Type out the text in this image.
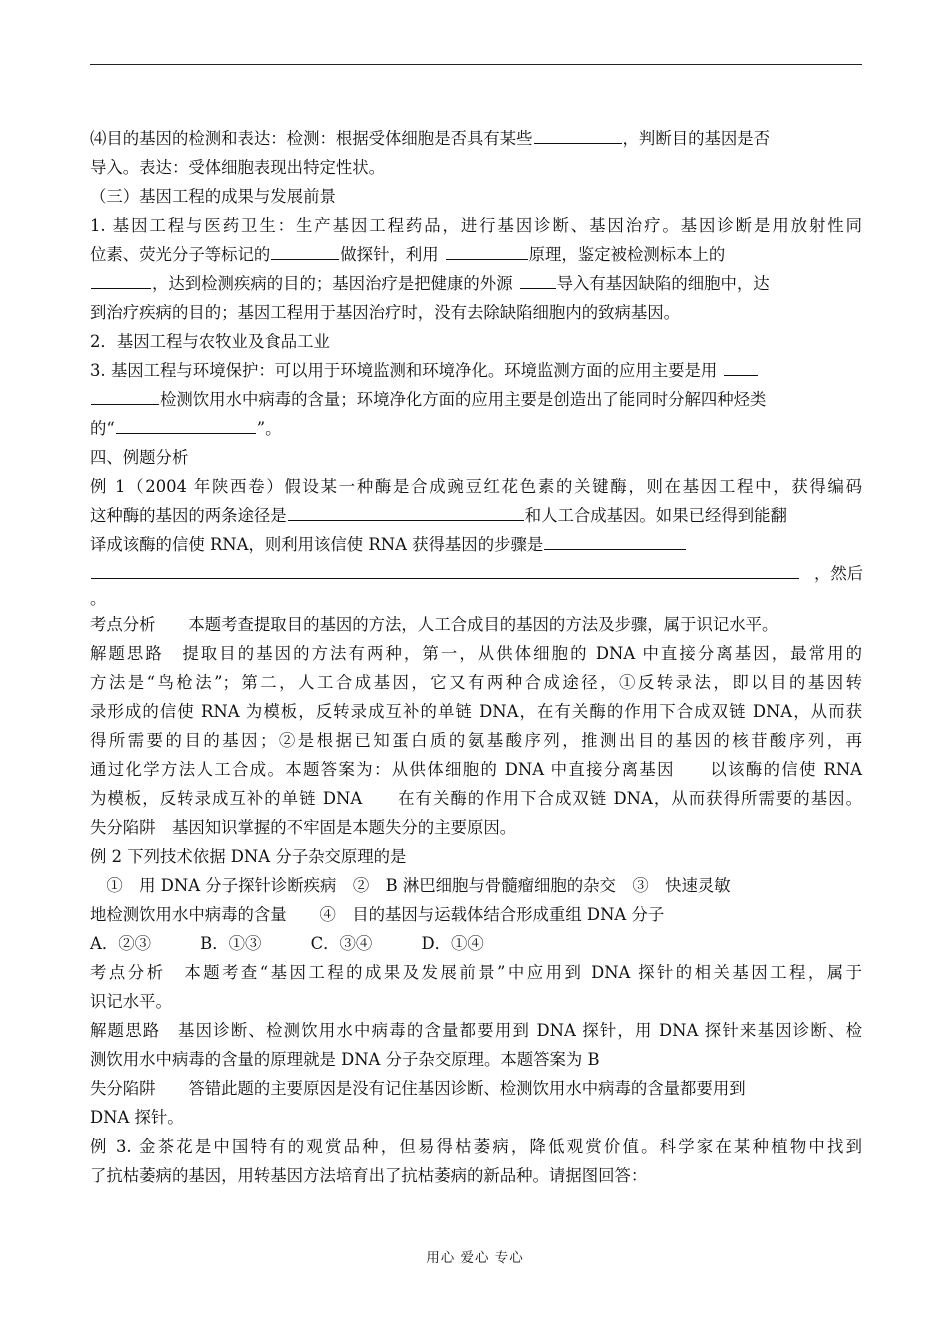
⑷目的基因的检测和表达：检测：根据受体细胞是否具有某些	，判断目的基因是否
导入。表达：受体细胞表现出特定性状。
（三）基因工程的成果与发展前景
1. 基因工程与医药卫生：生产基因工程药品，进行基因诊断、基因治疗。基因诊断是用放射性同
位素、荧光分子等标记的	做探针，利用	原理，鉴定被检测标本上的
，达到检测疾病的目的；基因治疗是把健康的外源	导入有基因缺陷的细胞中，达
到治疗疾病的目的；基因工程用于基因治疗时，没有去除缺陷细胞内的致病基因。
2．基因工程与农牧业及食品工业
3. 基因工程与环境保护：可以用于环境监测和环境净化。环境监测方面的应用主要是用
检测饮用水中病毒的含量；环境净化方面的应用主要是创造出了能同时分解四种烃类
的“	”。
四、例题分析
例 1（2004 年陕西卷）假设某一种酶是合成豌豆红花色素的关键酶，则在基因工程中，获得编码
这种酶的基因的两条途径是	和人工合成基因。如果已经得到能翻
译成该酶的信使 RNA，则利用该信使 RNA 获得基因的步骤是
，然后
。
考点分析　　本题考查提取目的基因的方法，人工合成目的基因的方法及步骤，属于识记水平。
解题思路　提取目的基因的方法有两种，第一，从供体细胞的 DNA 中直接分离基因，最常用的
方法是“鸟枪法”；第二，人工合成基因，它又有两种合成途径，①反转录法，即以目的基因转
录形成的信使 RNA 为模板，反转录成互补的单链 DNA，在有关酶的作用下合成双链 DNA，从而获
得所需要的目的基因；②是根据已知蛋白质的氨基酸序列，推测出目的基因的核苷酸序列，再
通过化学方法人工合成。本题答案为：从供体细胞的 DNA 中直接分离基因　　以该酶的信使 RNA
为模板，反转录成互补的单链 DNA　　在有关酶的作用下合成双链 DNA，从而获得所需要的基因。
失分陷阱　基因知识掌握的不牢固是本题失分的主要原因。
例 2 下列技术依据 DNA 分子杂交原理的是
　①　用 DNA 分子探针诊断疾病　②　B 淋巴细胞与骨髓瘤细胞的杂交　③　快速灵敏
地检测饮用水中病毒的含量　　④　目的基因与运载体结合形成重组 DNA 分子
A．②③　　　B．①③　　　C．③④　　　D．①④
考点分析　本题考查“基因工程的成果及发展前景”中应用到 DNA 探针的相关基因工程，属于
识记水平。
解题思路　基因诊断、检测饮用水中病毒的含量都要用到 DNA 探针，用 DNA 探针来基因诊断、检
测饮用水中病毒的含量的原理就是 DNA 分子杂交原理。本题答案为 B
失分陷阱　　答错此题的主要原因是没有记住基因诊断、检测饮用水中病毒的含量都要用到
DNA 探针。
例 3. 金茶花是中国特有的观赏品种，但易得枯萎病，降低观赏价值。科学家在某种植物中找到
了抗枯萎病的基因，用转基因方法培育出了抗枯萎病的新品种。请据图回答：
用心 爱心 专心
